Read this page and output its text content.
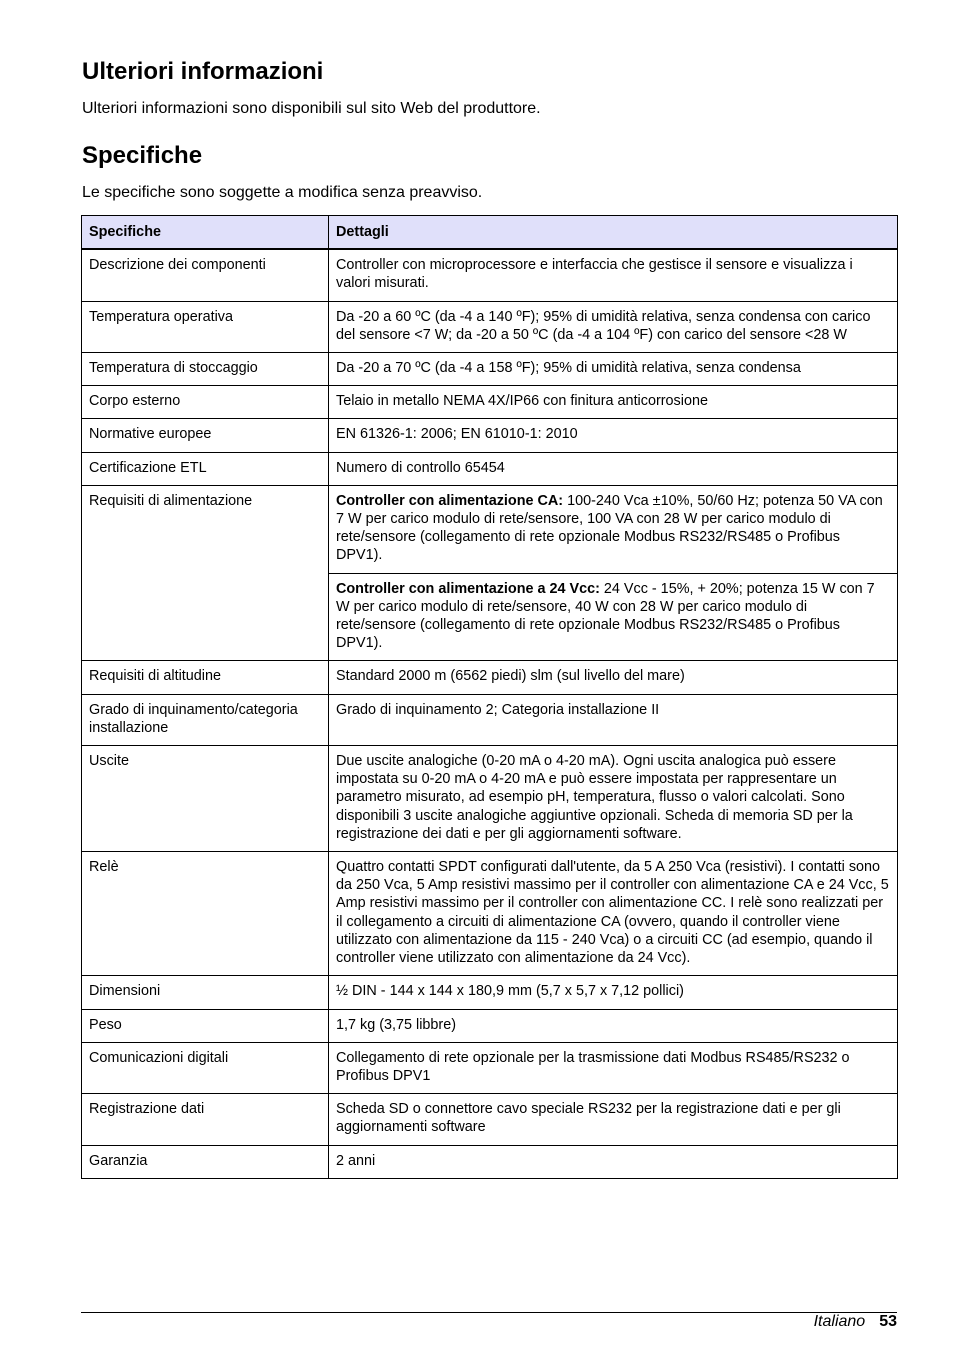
Ulteriori informazioni

Ulteriori informazioni sono disponibili sul sito Web del produttore.

Specifiche

Le specifiche sono soggette a modifica senza preavviso.

Specifiche	Dettagli
Descrizione dei componenti	Controller con microprocessore e interfaccia che gestisce il sensore e visualizza i valori misurati.
Temperatura operativa	Da -20 a 60 ºC (da -4 a 140 ºF); 95% di umidità relativa, senza condensa con carico del sensore <7 W; da -20 a 50 ºC (da -4 a 104 ºF) con carico del sensore <28 W
Temperatura di stoccaggio	Da -20 a 70 ºC (da -4 a 158 ºF); 95% di umidità relativa, senza condensa
Corpo esterno	Telaio in metallo NEMA 4X/IP66 con finitura anticorrosione
Normative europee	EN 61326-1: 2006; EN 61010-1: 2010
Certificazione ETL	Numero di controllo 65454
Requisiti di alimentazione	Controller con alimentazione CA: 100-240 Vca ±10%, 50/60 Hz; potenza 50 VA con 7 W per carico modulo di rete/sensore, 100 VA con 28 W per carico modulo di rete/sensore (collegamento di rete opzionale Modbus RS232/RS485 o Profibus DPV1).
	Controller con alimentazione a 24 Vcc: 24 Vcc - 15%, + 20%; potenza 15 W con 7 W per carico modulo di rete/sensore, 40 W con 28 W per carico modulo di rete/sensore (collegamento di rete opzionale Modbus RS232/RS485 o Profibus DPV1).
Requisiti di altitudine	Standard 2000 m (6562 piedi) slm (sul livello del mare)
Grado di inquinamento/categoria installazione	Grado di inquinamento 2; Categoria installazione II
Uscite	Due uscite analogiche (0-20 mA o 4-20 mA). Ogni uscita analogica può essere impostata su 0-20 mA o 4-20 mA e può essere impostata per rappresentare un parametro misurato, ad esempio pH, temperatura, flusso o valori calcolati. Sono disponibili 3 uscite analogiche aggiuntive opzionali. Scheda di memoria SD per la registrazione dei dati e per gli aggiornamenti software.
Relè	Quattro contatti SPDT configurati dall'utente, da 5 A 250 Vca (resistivi). I contatti sono da 250 Vca, 5 Amp resistivi massimo per il controller con alimentazione CA e 24 Vcc, 5 Amp resistivi massimo per il controller con alimentazione CC. I relè sono realizzati per il collegamento a circuiti di alimentazione CA (ovvero, quando il controller viene utilizzato con alimentazione da 115 - 240 Vca) o a circuiti CC (ad esempio, quando il controller viene utilizzato con alimentazione da 24 Vcc).
Dimensioni	½ DIN - 144 x 144 x 180,9 mm (5,7 x 5,7 x 7,12 pollici)
Peso	1,7 kg (3,75 libbre)
Comunicazioni digitali	Collegamento di rete opzionale per la trasmissione dati Modbus RS485/RS232 o Profibus DPV1
Registrazione dati	Scheda SD o connettore cavo speciale RS232 per la registrazione dati e per gli aggiornamenti software
Garanzia	2 anni
Italiano 53
